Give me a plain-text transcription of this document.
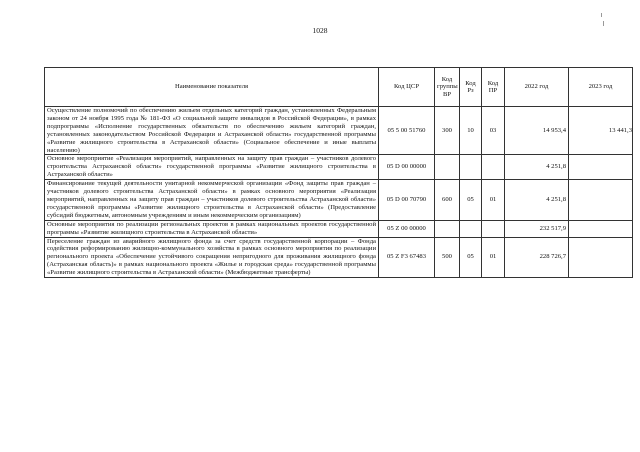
1028
Наименование показателя	Код ЦСР	Код группы ВР	Код Рз	Код ПР	2022 год	2023 год
Осуществление полномочий по обеспечению жильем отдельных категорий граждан, установленных Федеральным законом от 24 ноября 1995 года № 181-ФЗ «О социальной защите инвалидов в Российской Федерации», в рамках подпрограммы «Исполнение государственных обязательств по обеспечению жильем категорий граждан, установленных законодательством Российской Федерации и Астраханской области» государственной программы «Развитие жилищного строительства в Астраханской области» (Социальное обеспечение и иные выплаты населению)	05 5 00 51760	300	10	03	14 953,4	13 441,3
Основное мероприятие «Реализация мероприятий, направленных на защиту прав граждан – участников долевого строительства Астраханской области» государственной программы «Развитие жилищного строительства в Астраханской области»	05 D 00 00000				4 251,8	
Финансирование текущей деятельности унитарной некоммерческой организации «Фонд защиты прав граждан – участников долевого строительства Астраханской области» в рамках основного мероприятия «Реализация мероприятий, направленных на защиту прав граждан – участников долевого строительства Астраханской области» государственной программы «Развитие жилищного строительства в Астраханской области» (Предоставление субсидий бюджетным, автономным учреждениям и иным некоммерческим организациям)	05 D 00 70790	600	05	01	4 251,8	
Основные мероприятия по реализации региональных проектов в рамках национальных проектов государственной программы «Развитие жилищного строительства в Астраханской области»	05 Z 00 00000				232 517,9	
Переселение граждан из аварийного жилищного фонда за счет средств государственной корпорации – Фонда содействия реформированию жилищно-коммунального хозяйства в рамках основного мероприятия по реализации регионального проекта «Обеспечение устойчивого сокращения непригодного для проживания жилищного фонда (Астраханская область)» в рамках национального проекта «Жилье и городская среда» государственной программы «Развитие жилищного строительства в Астраханской области» (Межбюджетные трансферты)	05 Z F3 67483	500	05	01	228 726,7	
